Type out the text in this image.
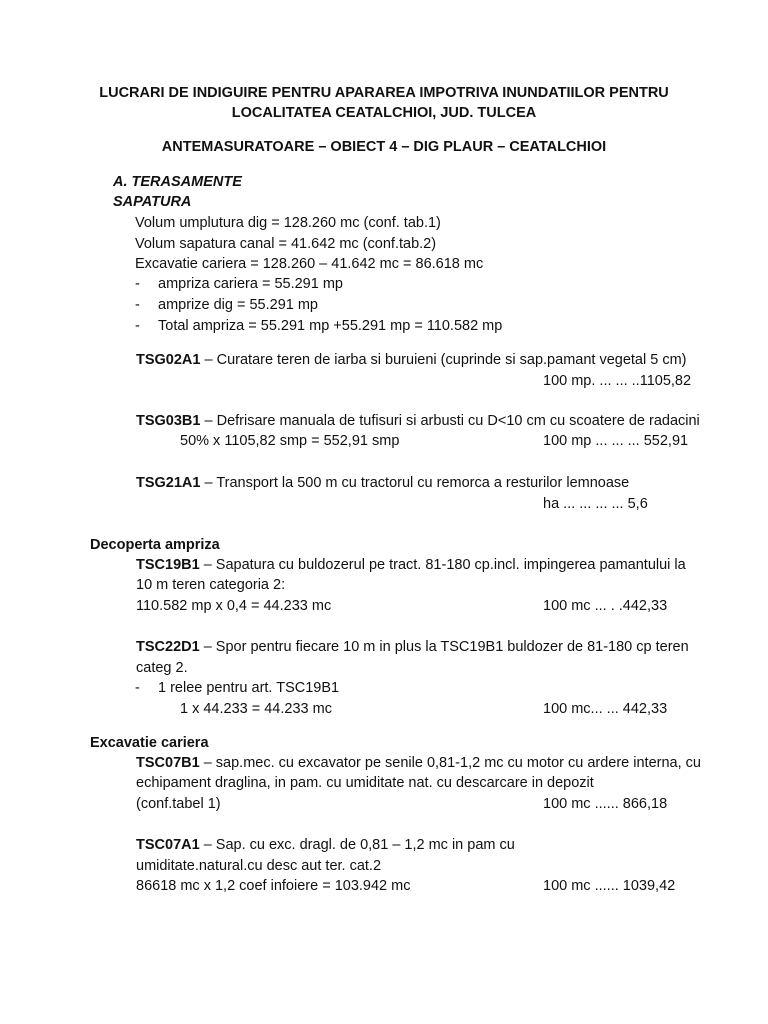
LUCRARI DE INDIGUIRE PENTRU APARAREA IMPOTRIVA INUNDATIILOR PENTRU
LOCALITATEA CEATALCHIOI, JUD. TULCEA
ANTEMASURATOARE – OBIECT 4 – DIG PLAUR – CEATALCHIOI
A. TERASAMENTE
SAPATURA
Volum umplutura dig = 128.260 mc (conf. tab.1)
Volum sapatura canal = 41.642 mc (conf.tab.2)
Excavatie cariera = 128.260 – 41.642 mc = 86.618 mc
- ampriza cariera = 55.291 mp
- amprize dig = 55.291 mp
- Total ampriza = 55.291 mp +55.291 mp = 110.582 mp
TSG02A1 – Curatare teren de iarba si buruieni (cuprinde si sap.pamant vegetal 5 cm)
100 mp. ... ... ..1105,82
TSG03B1 – Defrisare manuala de tufisuri si arbusti cu D<10 cm cu scoatere de radacini
50% x 1105,82 smp = 552,91 smp	100 mp ... ... ... 552,91
TSG21A1 – Transport la 500 m cu tractorul cu remorca a resturilor lemnoase
ha ... ... ... ... 5,6
Decoperta ampriza
TSC19B1 – Sapatura cu buldozerul pe tract. 81-180 cp.incl. impingerea pamantului la
10 m teren categoria 2:
110.582 mp x 0,4 = 44.233 mc	100 mc ... . .442,33
TSC22D1 – Spor pentru fiecare 10 m in plus la TSC19B1 buldozer de 81-180 cp teren
categ 2.
- 1 relee pentru art. TSC19B1
1 x 44.233 = 44.233 mc	100 mc... ... 442,33
Excavatie cariera
TSC07B1 – sap.mec. cu excavator pe senile 0,81-1,2 mc cu motor cu ardere interna, cu
echipament draglina, in pam. cu umiditate nat. cu descarcare in depozit
(conf.tabel 1)	100 mc ...... 866,18
TSC07A1 – Sap. cu exc. dragl. de 0,81 – 1,2 mc in pam cu
umiditate.natural.cu desc aut ter. cat.2
86618 mc x 1,2 coef infoiere = 103.942 mc	100 mc ...... 1039,42
